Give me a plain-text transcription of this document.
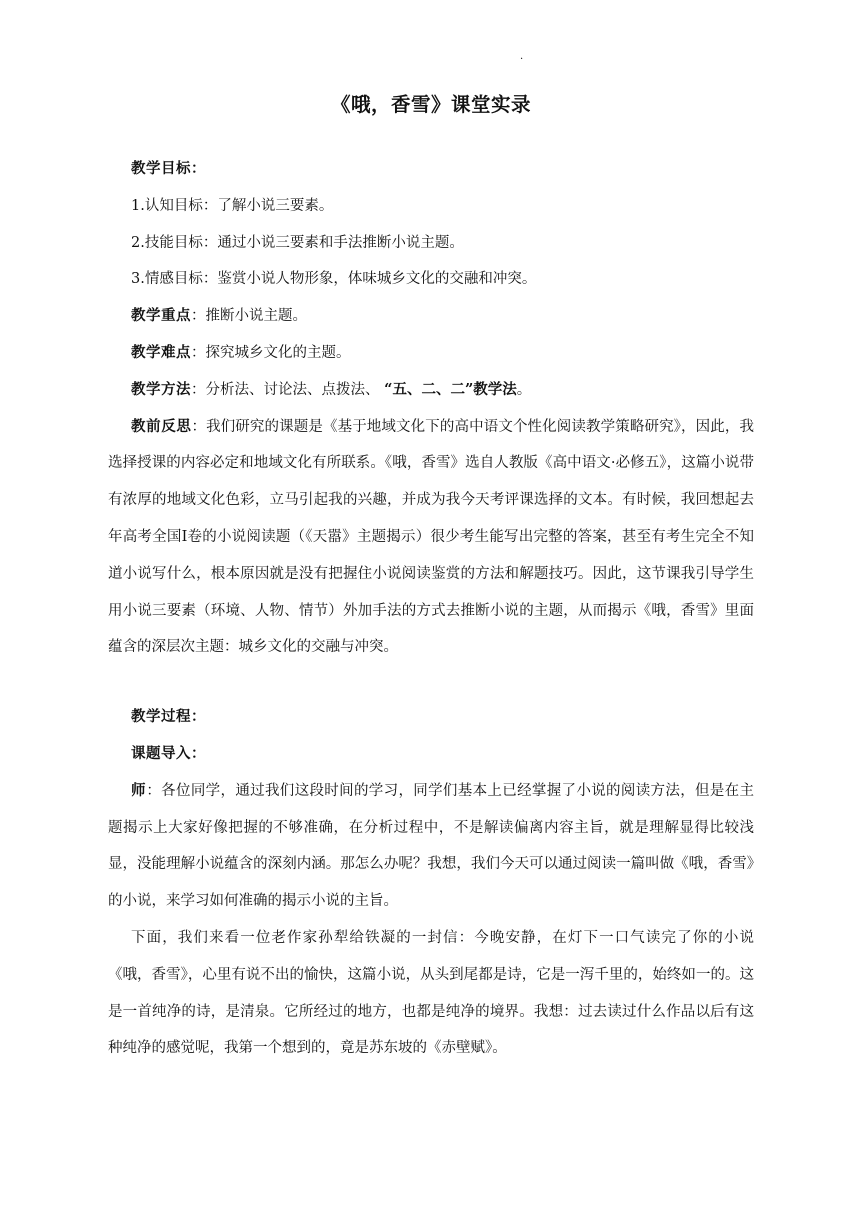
.
《哦，香雪》课堂实录
教学目标：
1.认知目标：了解小说三要素。
2.技能目标：通过小说三要素和手法推断小说主题。
3.情感目标：鉴赏小说人物形象，体味城乡文化的交融和冲突。
教学重点：推断小说主题。
教学难点：探究城乡文化的主题。
教学方法：分析法、讨论法、点拨法、 “五、二、二”教学法。

教前反思：我们研究的课题是《基于地域文化下的高中语文个性化阅读教学策略研究》，因此，我选择授课的内容必定和地域文化有所联系。《哦，香雪》选自人教版《高中语文·必修五》，这篇小说带有浓厚的地域文化色彩，立马引起我的兴趣，并成为我今天考评课选择的文本。有时候，我回想起去年高考全国Ⅰ卷的小说阅读题（《天嚣》主题揭示）很少考生能写出完整的答案，甚至有考生完全不知道小说写什么，根本原因就是没有把握住小说阅读鉴赏的方法和解题技巧。因此，这节课我引导学生用小说三要素（环境、人物、情节）外加手法的方式去推断小说的主题，从而揭示《哦，香雪》里面蕴含的深层次主题：城乡文化的交融与冲突。

教学过程：
课题导入：

师：各位同学，通过我们这段时间的学习，同学们基本上已经掌握了小说的阅读方法，但是在主题揭示上大家好像把握的不够准确，在分析过程中，不是解读偏离内容主旨，就是理解显得比较浅显，没能理解小说蕴含的深刻内涵。那怎么办呢？我想，我们今天可以通过阅读一篇叫做《哦，香雪》的小说，来学习如何准确的揭示小说的主旨。

下面，我们来看一位老作家孙犁给铁凝的一封信：今晚安静，在灯下一口气读完了你的小说《哦，香雪》，心里有说不出的愉快，这篇小说，从头到尾都是诗，它是一泻千里的，始终如一的。这是一首纯净的诗，是清泉。它所经过的地方，也都是纯净的境界。我想：过去读过什么作品以后有这种纯净的感觉呢，我第一个想到的，竟是苏东坡的《赤壁赋》。
